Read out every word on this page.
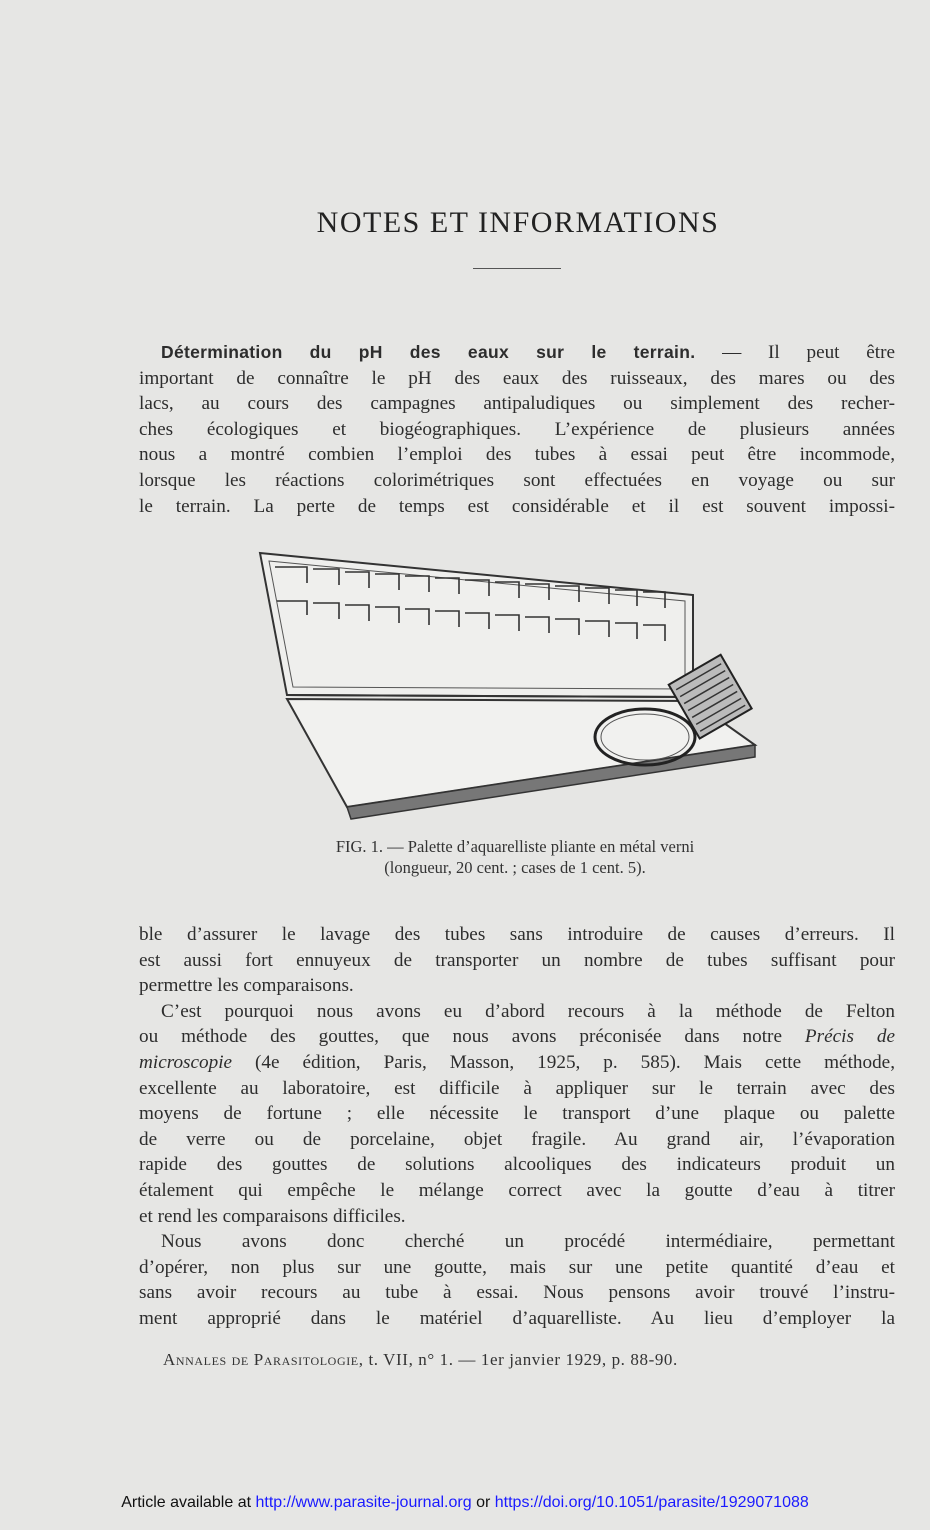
NOTES ET INFORMATIONS
Détermination du pH des eaux sur le terrain. — Il peut être
important de connaître le pH des eaux des ruisseaux, des mares ou des
lacs, au cours des campagnes antipaludiques ou simplement des recher-
ches écologiques et biogéographiques. L’expérience de plusieurs années
nous a montré combien l’emploi des tubes à essai peut être incommode,
lorsque les réactions colorimétriques sont effectuées en voyage ou sur
le terrain. La perte de temps est considérable et il est souvent impossi-
FIG. 1. — Palette d’aquarelliste pliante en métal verni
(longueur, 20 cent. ; cases de 1 cent. 5).
ble d’assurer le lavage des tubes sans introduire de causes d’erreurs. Il
est aussi fort ennuyeux de transporter un nombre de tubes suffisant pour
permettre les comparaisons.
C’est pourquoi nous avons eu d’abord recours à la méthode de Felton
ou méthode des gouttes, que nous avons préconisée dans notre Précis de
microscopie (4e édition, Paris, Masson, 1925, p. 585). Mais cette méthode,
excellente au laboratoire, est difficile à appliquer sur le terrain avec des
moyens de fortune ; elle nécessite le transport d’une plaque ou palette
de verre ou de porcelaine, objet fragile. Au grand air, l’évaporation
rapide des gouttes de solutions alcooliques des indicateurs produit un
étalement qui empêche le mélange correct avec la goutte d’eau à titrer
et rend les comparaisons difficiles.
Nous avons donc cherché un procédé intermédiaire, permettant
d’opérer, non plus sur une goutte, mais sur une petite quantité d’eau et
sans avoir recours au tube à essai. Nous pensons avoir trouvé l’instru-
ment approprié dans le matériel d’aquarelliste. Au lieu d’employer la
Annales de Parasitologie, t. VII, n° 1. — 1er janvier 1929, p. 88-90.
Article available at http://www.parasite-journal.org or https://doi.org/10.1051/parasite/1929071088
